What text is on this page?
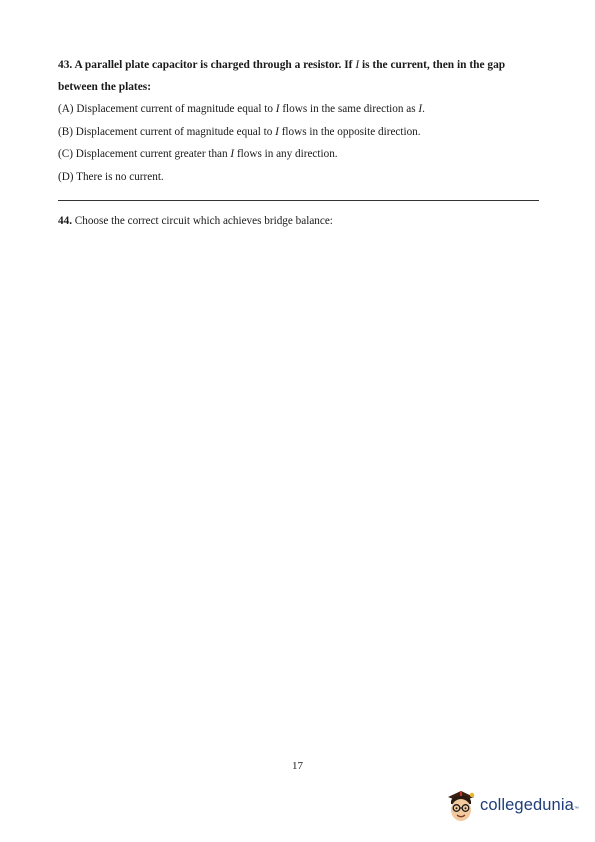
43. A parallel plate capacitor is charged through a resistor. If I is the current, then in the gap between the plates:

(A) Displacement current of magnitude equal to I flows in the same direction as I.

(B) Displacement current of magnitude equal to I flows in the opposite direction.

(C) Displacement current greater than I flows in any direction.

(D) There is no current.

44. Choose the correct circuit which achieves bridge balance:

17
collegedunia ™
